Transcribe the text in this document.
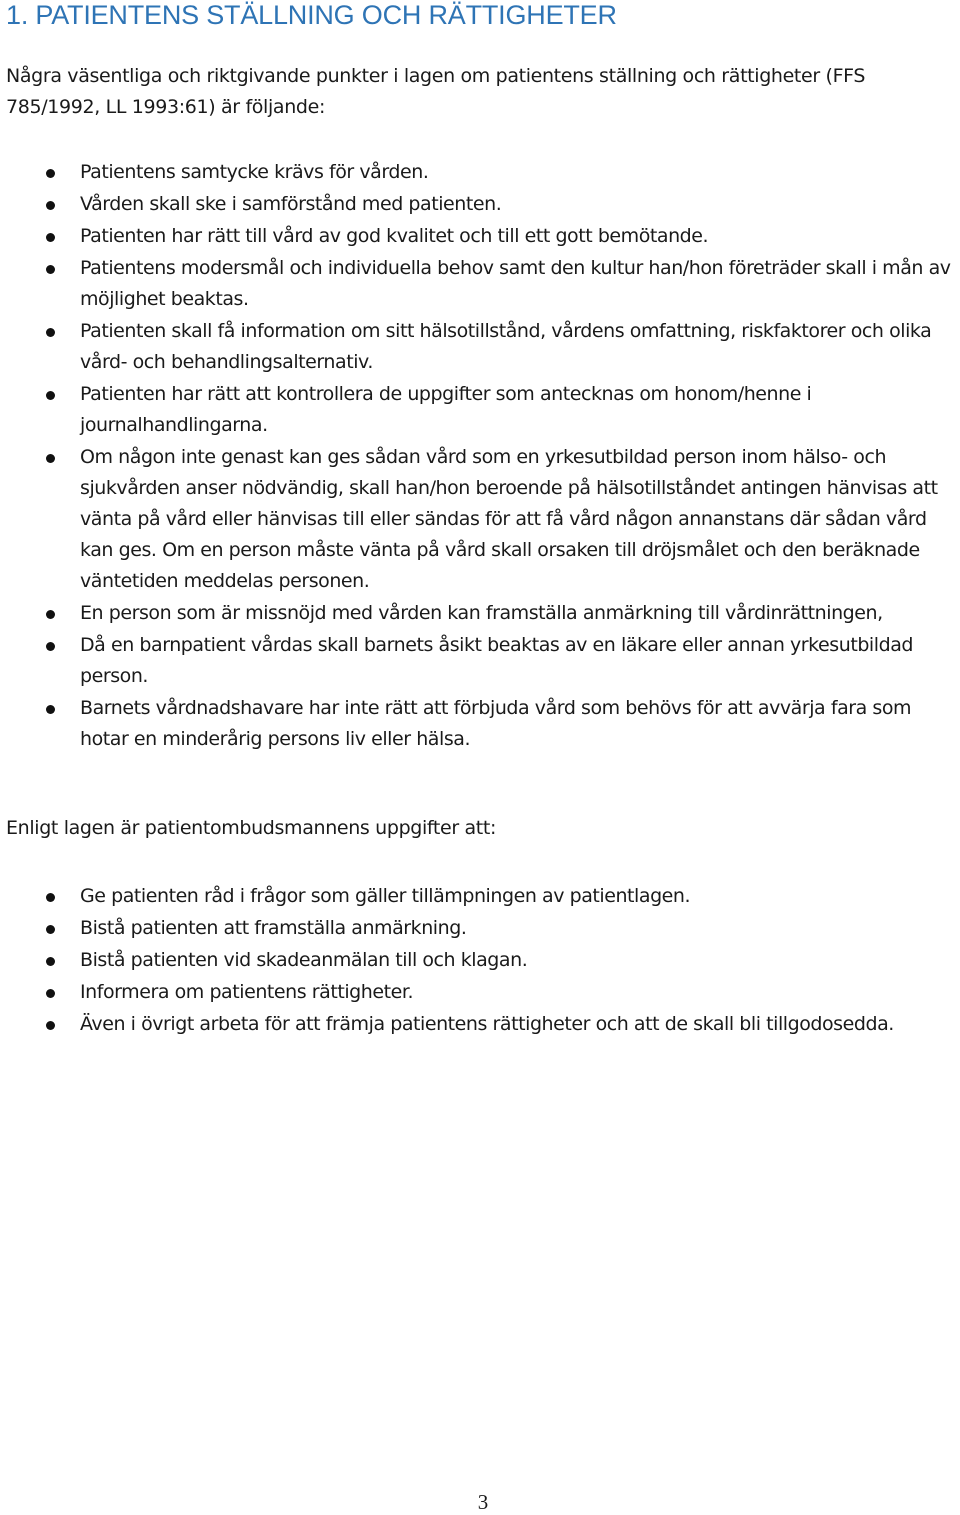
1. PATIENTENS STÄLLNING OCH RÄTTIGHETER
Några väsentliga och riktgivande punkter i lagen om patientens ställning och rättigheter (FFS 785/1992, LL 1993:61) är följande:
Patientens samtycke krävs för vården.
Vården skall ske i samförstånd med patienten.
Patienten har rätt till vård av god kvalitet och till ett gott bemötande.
Patientens modersmål och individuella behov samt den kultur han/hon företräder skall i mån av möjlighet beaktas.
Patienten skall få information om sitt hälsotillstånd, vårdens omfattning, riskfaktorer och olika vård- och behandlingsalternativ.
Patienten har rätt att kontrollera de uppgifter som antecknas om honom/henne i journalhandlingarna.
Om någon inte genast kan ges sådan vård som en yrkesutbildad person inom hälso- och sjukvården anser nödvändig, skall han/hon beroende på hälsotillståndet antingen hänvisas att vänta på vård eller hänvisas till eller sändas för att få vård någon annanstans där sådan vård kan ges. Om en person måste vänta på vård skall orsaken till dröjsmålet och den beräknade väntetiden meddelas personen.
En person som är missnöjd med vården kan framställa anmärkning till vårdinrättningen,
Då en barnpatient vårdas skall barnets åsikt beaktas av en läkare eller annan yrkesutbildad person.
Barnets vårdnadshavare har inte rätt att förbjuda vård som behövs för att avvärja fara som hotar en minderårig persons liv eller hälsa.
Enligt lagen är patientombudsmannens uppgifter att:
Ge patienten råd i frågor som gäller tillämpningen av patientlagen.
Bistå patienten att framställa anmärkning.
Bistå patienten vid skadeanmälan till och klagan.
Informera om patientens rättigheter.
Även i övrigt arbeta för att främja patientens rättigheter och att de skall bli tillgodosedda.
3
